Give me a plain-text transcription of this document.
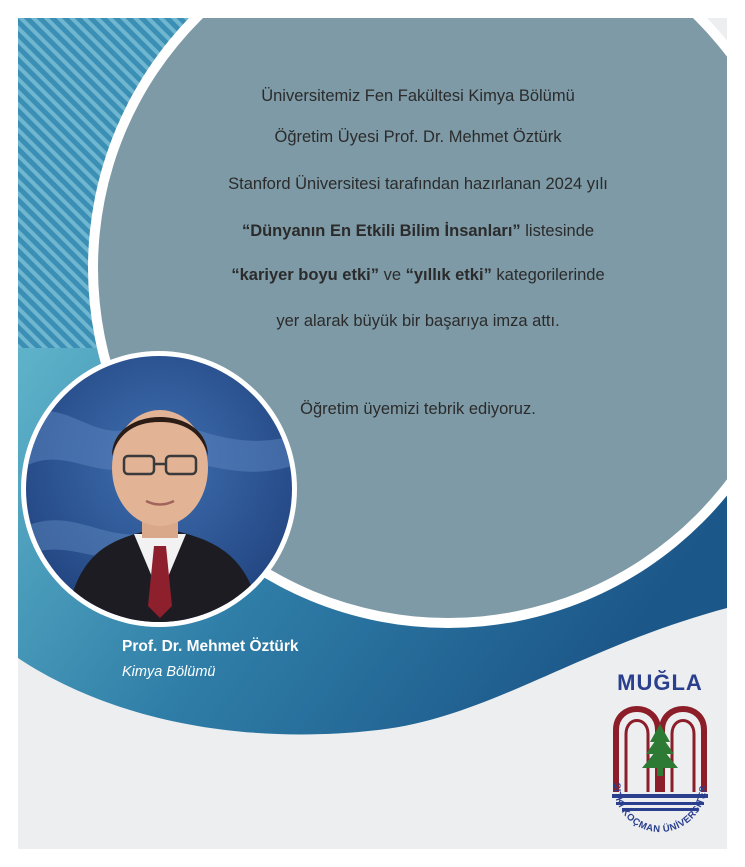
Üniversitemiz Fen Fakültesi Kimya Bölümü
Öğretim Üyesi Prof. Dr. Mehmet Öztürk
Stanford Üniversitesi tarafından hazırlanan 2024 yılı
“Dünyanın En Etkili Bilim İnsanları” listesinde
“kariyer boyu etki” ve “yıllık etki” kategorilerinde
yer alarak büyük bir başarıya imza attı.
Öğretim üyemizi tebrik ediyoruz.
Prof. Dr. Mehmet Öztürk
Kimya Bölümü	MUĞLA
SITKI KOÇMAN ÜNİVERSİTES
